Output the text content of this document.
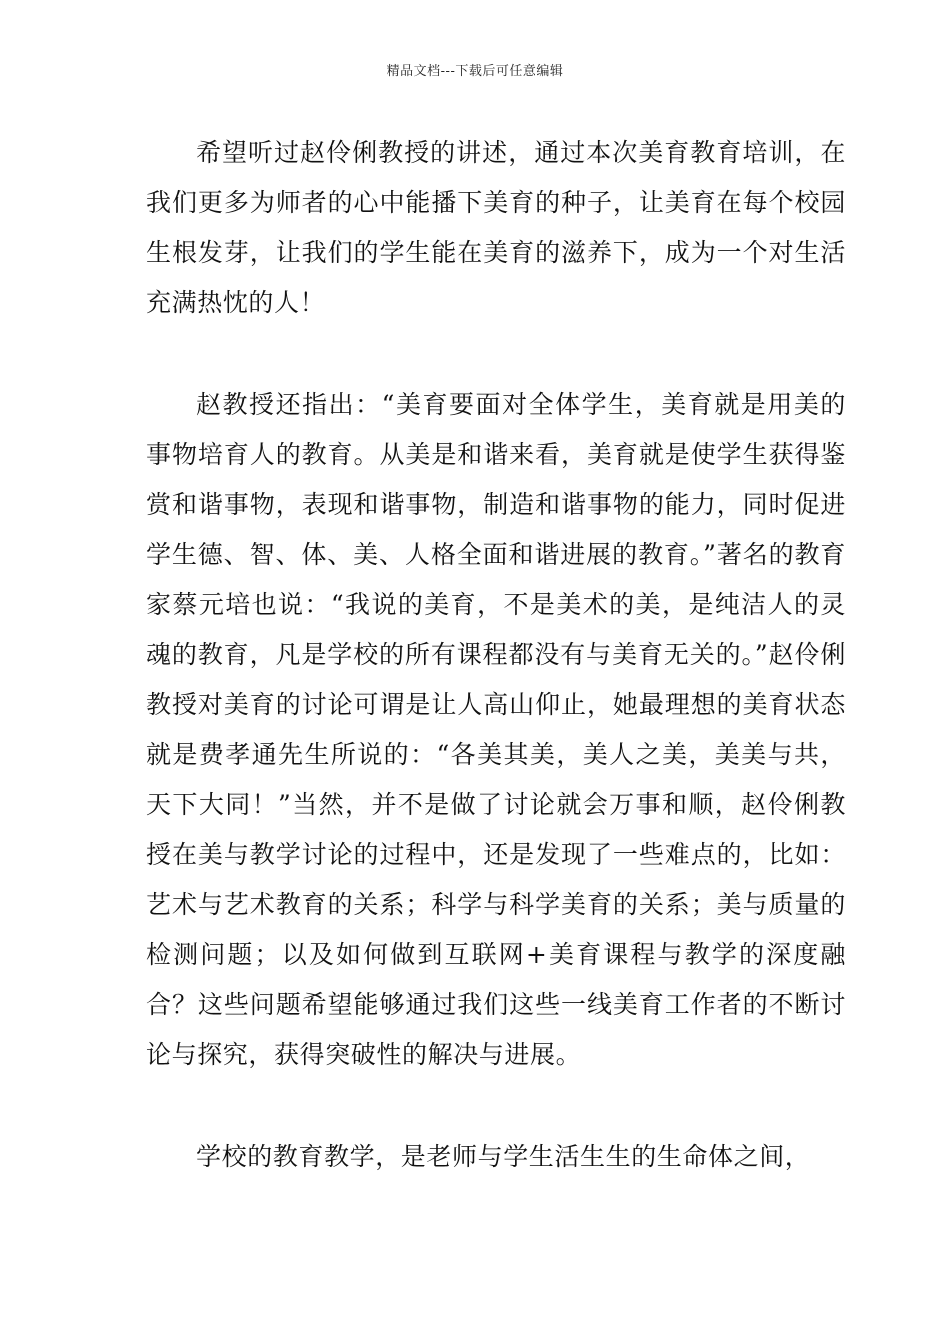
精品文档---下载后可任意编辑

希望听过赵伶俐教授的讲述，通过本次美育教育培训，在我们更多为师者的心中能播下美育的种子，让美育在每个校园生根发芽，让我们的学生能在美育的滋养下，成为一个对生活充满热忱的人！

赵教授还指出：“美育要面对全体学生，美育就是用美的事物培育人的教育。从美是和谐来看，美育就是使学生获得鉴赏和谐事物，表现和谐事物，制造和谐事物的能力，同时促进学生德、智、体、美、人格全面和谐进展的教育。”著名的教育家蔡元培也说：“我说的美育，不是美术的美，是纯洁人的灵魂的教育，凡是学校的所有课程都没有与美育无关的。”赵伶俐教授对美育的讨论可谓是让人高山仰止，她最理想的美育状态就是费孝通先生所说的：“各美其美，美人之美，美美与共，天下大同！”当然，并不是做了讨论就会万事和顺，赵伶俐教授在美与教学讨论的过程中，还是发现了一些难点的，比如：艺术与艺术教育的关系；科学与科学美育的关系；美与质量的检测问题；以及如何做到互联网+美育课程与教学的深度融合？这些问题希望能够通过我们这些一线美育工作者的不断讨论与探究，获得突破性的解决与进展。

学校的教育教学，是老师与学生活生生的生命体之间，
